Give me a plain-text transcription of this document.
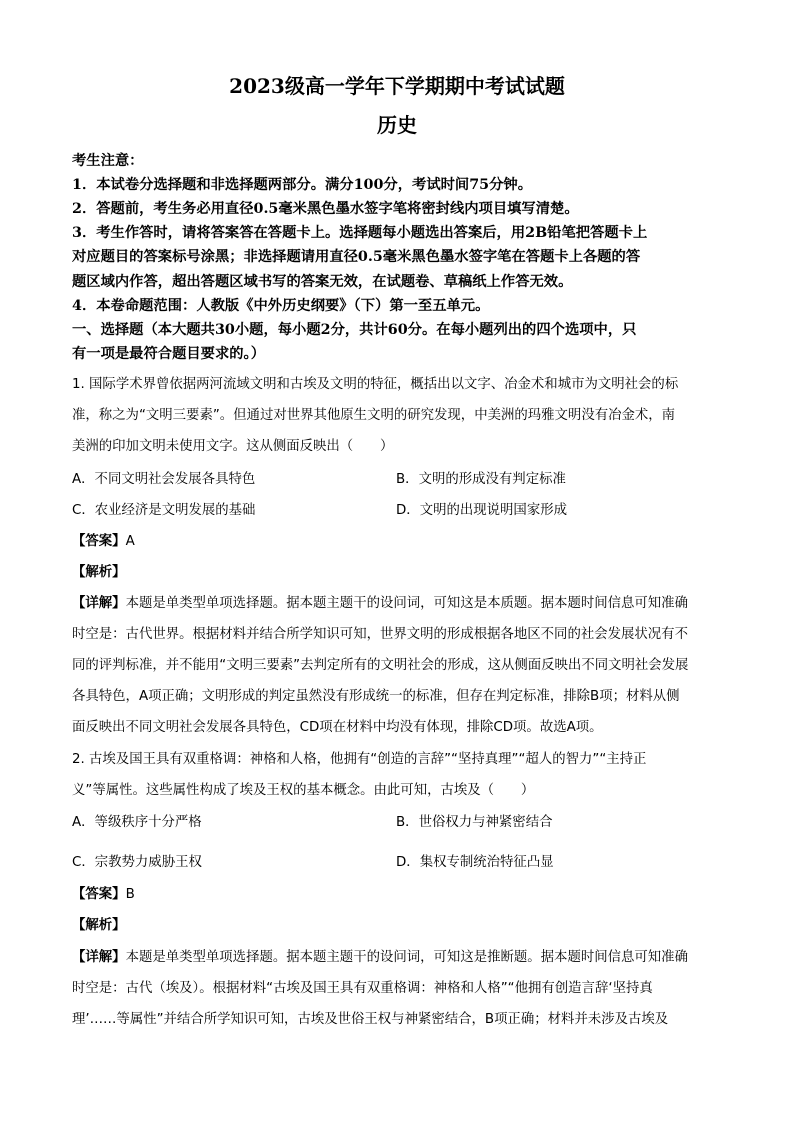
2023级高一学年下学期期中考试试题
历史
考生注意：
1．本试卷分选择题和非选择题两部分。满分100分，考试时间75分钟。
2．答题前，考生务必用直径0.5毫米黑色墨水签字笔将密封线内项目填写清楚。
3．考生作答时，请将答案答在答题卡上。选择题每小题选出答案后，用2B铅笔把答题卡上
对应题目的答案标号涂黑；非选择题请用直径0.5毫米黑色墨水签字笔在答题卡上各题的答
题区域内作答，超出答题区域书写的答案无效，在试题卷、草稿纸上作答无效。
4．本卷命题范围：人教版《中外历史纲要》（下）第一至五单元。
一、选择题（本大题共30小题，每小题2分，共计60分。在每小题列出的四个选项中，只
有一项是最符合题目要求的。）
1. 国际学术界曾依据两河流域文明和古埃及文明的特征，概括出以文字、冶金术和城市为文明社会的标
准，称之为“文明三要素”。但通过对世界其他原生文明的研究发现，中美洲的玛雅文明没有冶金术，南
美洲的印加文明未使用文字。这从侧面反映出（　　）
A．不同文明社会发展各具特色	B．文明的形成没有判定标准
C．农业经济是文明发展的基础	D．文明的出现说明国家形成
【答案】A
【解析】
【详解】本题是单类型单项选择题。据本题主题干的设问词，可知这是本质题。据本题时间信息可知准确
时空是：古代世界。根据材料并结合所学知识可知，世界文明的形成根据各地区不同的社会发展状况有不
同的评判标准，并不能用“文明三要素”去判定所有的文明社会的形成，这从侧面反映出不同文明社会发展
各具特色，A项正确；文明形成的判定虽然没有形成统一的标准，但存在判定标准，排除B项；材料从侧
面反映出不同文明社会发展各具特色，CD项在材料中均没有体现，排除CD项。故选A项。
2. 古埃及国王具有双重格调：神格和人格，他拥有“创造的言辞”“坚持真理”“超人的智力”“主持正
义”等属性。这些属性构成了埃及王权的基本概念。由此可知，古埃及（　　）
A．等级秩序十分严格	B．世俗权力与神紧密结合
C．宗教势力威胁王权	D．集权专制统治特征凸显
【答案】B
【解析】
【详解】本题是单类型单项选择题。据本题主题干的设问词，可知这是推断题。据本题时间信息可知准确
时空是：古代（埃及）。根据材料“古埃及国王具有双重格调：神格和人格”“他拥有创造言辞‘坚持真
理’……等属性”并结合所学知识可知，古埃及世俗王权与神紧密结合，B项正确；材料并未涉及古埃及
